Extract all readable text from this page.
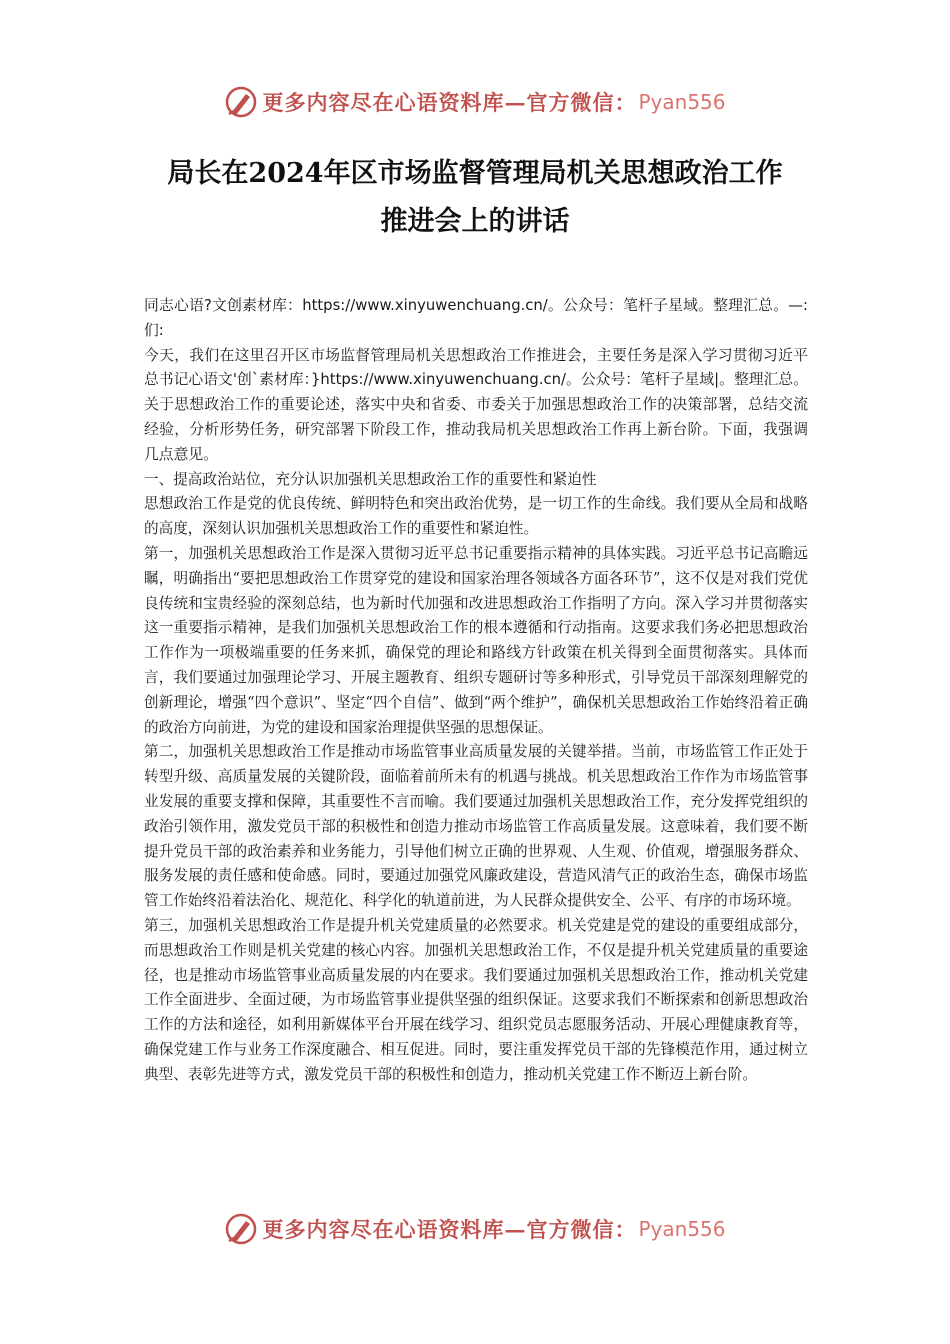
更多内容尽在心语资料库—官方微信： Pyan556
局长在2024年区市场监督管理局机关思想政治工作
推进会上的讲话

同志心语?文创素材库：https://www.xinyuwenchuang.cn/。公众号：笔杆子星域。整理汇总。—:们:

今天，我们在这里召开区市场监督管理局机关思想政治工作推进会，主要任务是深入学习贯彻习近平总书记心语文'创`素材库：}https://www.xinyuwenchuang.cn/。公众号：笔杆子星域|。整理汇总。关于思想政治工作的重要论述，落实中央和省委、市委关于加强思想政治工作的决策部署，总结交流经验，分析形势任务，研究部署下阶段工作，推动我局机关思想政治工作再上新台阶。下面，我强调几点意见。

一、提高政治站位，充分认识加强机关思想政治工作的重要性和紧迫性

思想政治工作是党的优良传统、鲜明特色和突出政治优势，是一切工作的生命线。我们要从全局和战略的高度，深刻认识加强机关思想政治工作的重要性和紧迫性。

第一，加强机关思想政治工作是深入贯彻习近平总书记重要指示精神的具体实践。习近平总书记高瞻远瞩，明确指出“要把思想政治工作贯穿党的建设和国家治理各领域各方面各环节”，这不仅是对我们党优良传统和宝贵经验的深刻总结，也为新时代加强和改进思想政治工作指明了方向。深入学习并贯彻落实这一重要指示精神，是我们加强机关思想政治工作的根本遵循和行动指南。这要求我们务必把思想政治工作作为一项极端重要的任务来抓，确保党的理论和路线方针政策在机关得到全面贯彻落实。具体而言，我们要通过加强理论学习、开展主题教育、组织专题研讨等多种形式，引导党员干部深刻理解党的创新理论，增强“四个意识”、坚定“四个自信”、做到“两个维护”，确保机关思想政治工作始终沿着正确的政治方向前进，为党的建设和国家治理提供坚强的思想保证。

第二，加强机关思想政治工作是推动市场监管事业高质量发展的关键举措。当前，市场监管工作正处于转型升级、高质量发展的关键阶段，面临着前所未有的机遇与挑战。机关思想政治工作作为市场监管事业发展的重要支撑和保障，其重要性不言而喻。我们要通过加强机关思想政治工作，充分发挥党组织的政治引领作用，激发党员干部的积极性和创造力推动市场监管工作高质量发展。这意味着，我们要不断提升党员干部的政治素养和业务能力，引导他们树立正确的世界观、人生观、价值观，增强服务群众、服务发展的责任感和使命感。同时，要通过加强党风廉政建设，营造风清气正的政治生态，确保市场监管工作始终沿着法治化、规范化、科学化的轨道前进，为人民群众提供安全、公平、有序的市场环境。

第三，加强机关思想政治工作是提升机关党建质量的必然要求。机关党建是党的建设的重要组成部分，而思想政治工作则是机关党建的核心内容。加强机关思想政治工作，不仅是提升机关党建质量的重要途径，也是推动市场监管事业高质量发展的内在要求。我们要通过加强机关思想政治工作，推动机关党建工作全面进步、全面过硬，为市场监管事业提供坚强的组织保证。这要求我们不断探索和创新思想政治工作的方法和途径，如利用新媒体平台开展在线学习、组织党员志愿服务活动、开展心理健康教育等，确保党建工作与业务工作深度融合、相互促进。同时，要注重发挥党员干部的先锋模范作用，通过树立典型、表彰先进等方式，激发党员干部的积极性和创造力，推动机关党建工作不断迈上新台阶。

更多内容尽在心语资料库—官方微信： Pyan556
